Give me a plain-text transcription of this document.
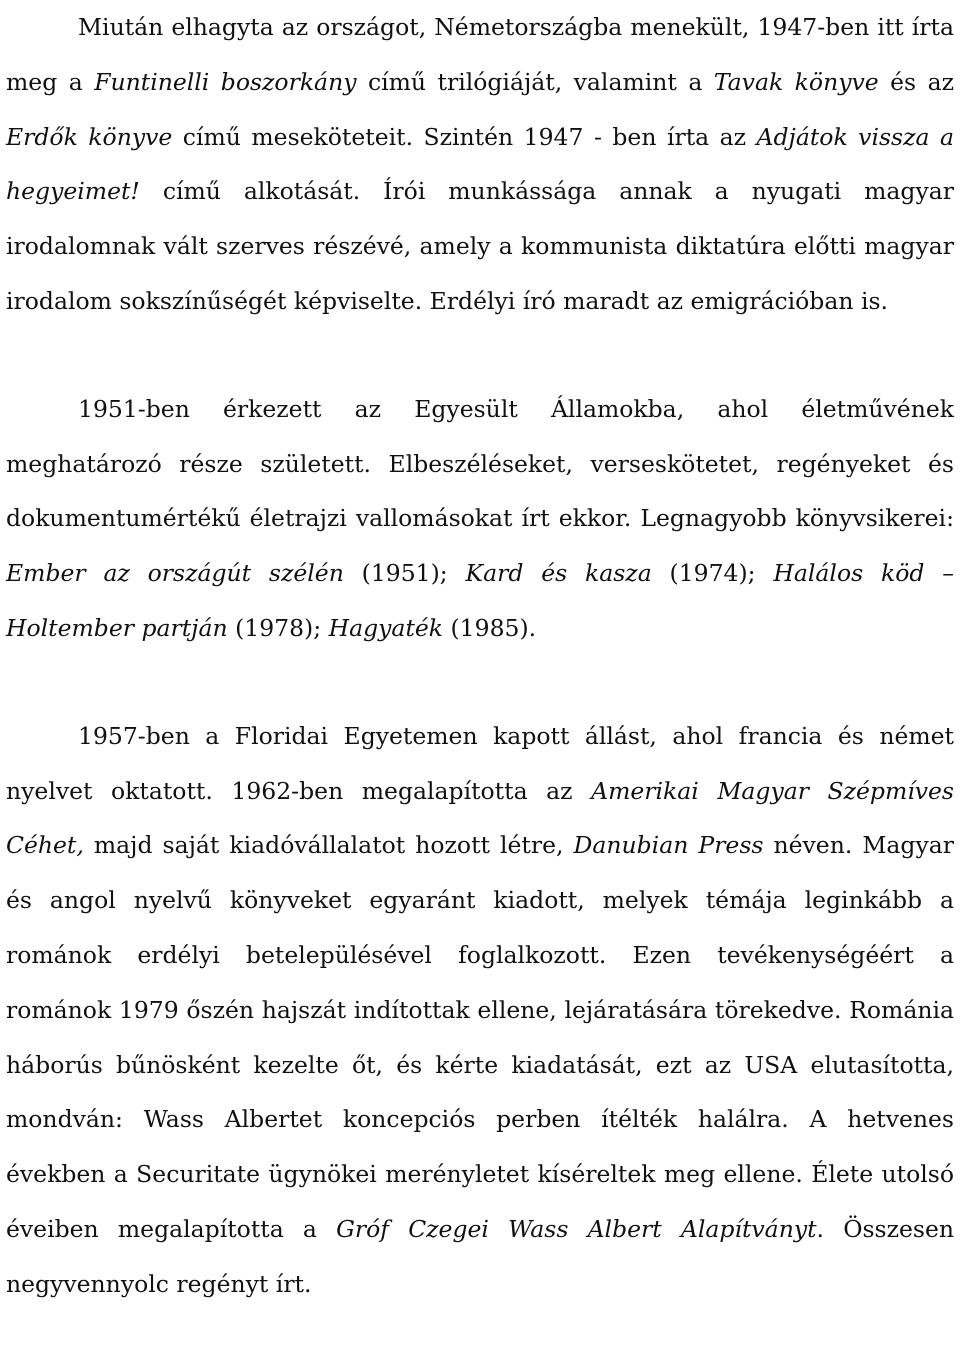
Miután elhagyta az országot, Németországba menekült, 1947-ben itt írta meg a Funtinelli boszorkány című trilógiáját, valamint a Tavak könyve és az Erdők könyve című meseköteteit. Szintén 1947 - ben írta az Adjátok vissza a hegyeimet! című alkotását. Írói munkássága annak a nyugati magyar irodalomnak vált szerves részévé, amely a kommunista diktatúra előtti magyar irodalom sokszínűségét képviselte. Erdélyi író maradt az emigrációban is.

1951-ben érkezett az Egyesült Államokba, ahol életművének meghatározó része született. Elbeszéléseket, verseskötetet, regényeket és dokumentumértékű életrajzi vallomásokat írt ekkor. Legnagyobb könyvsikerei: Ember az országút szélén (1951); Kard és kasza (1974); Halálos köd – Holtember partján (1978); Hagyaték (1985).

1957-ben a Floridai Egyetemen kapott állást, ahol francia és német nyelvet oktatott. 1962-ben megalapította az Amerikai Magyar Szépmíves Céhet, majd saját kiadóvállalatot hozott létre, Danubian Press néven. Magyar és angol nyelvű könyveket egyaránt kiadott, melyek témája leginkább a románok erdélyi betelepülésével foglalkozott. Ezen tevékenységéért a románok 1979 őszén hajszát indítottak ellene, lejáratására törekedve. Románia háborús bűnösként kezelte őt, és kérte kiadatását, ezt az USA elutasította, mondván: Wass Albertet koncepciós perben ítélték halálra. A hetvenes években a Securitate ügynökei merényletet kíséreltek meg ellene. Élete utolsó éveiben megalapította a Gróf Czegei Wass Albert Alapítványt. Összesen negyvennyolc regényt írt.
